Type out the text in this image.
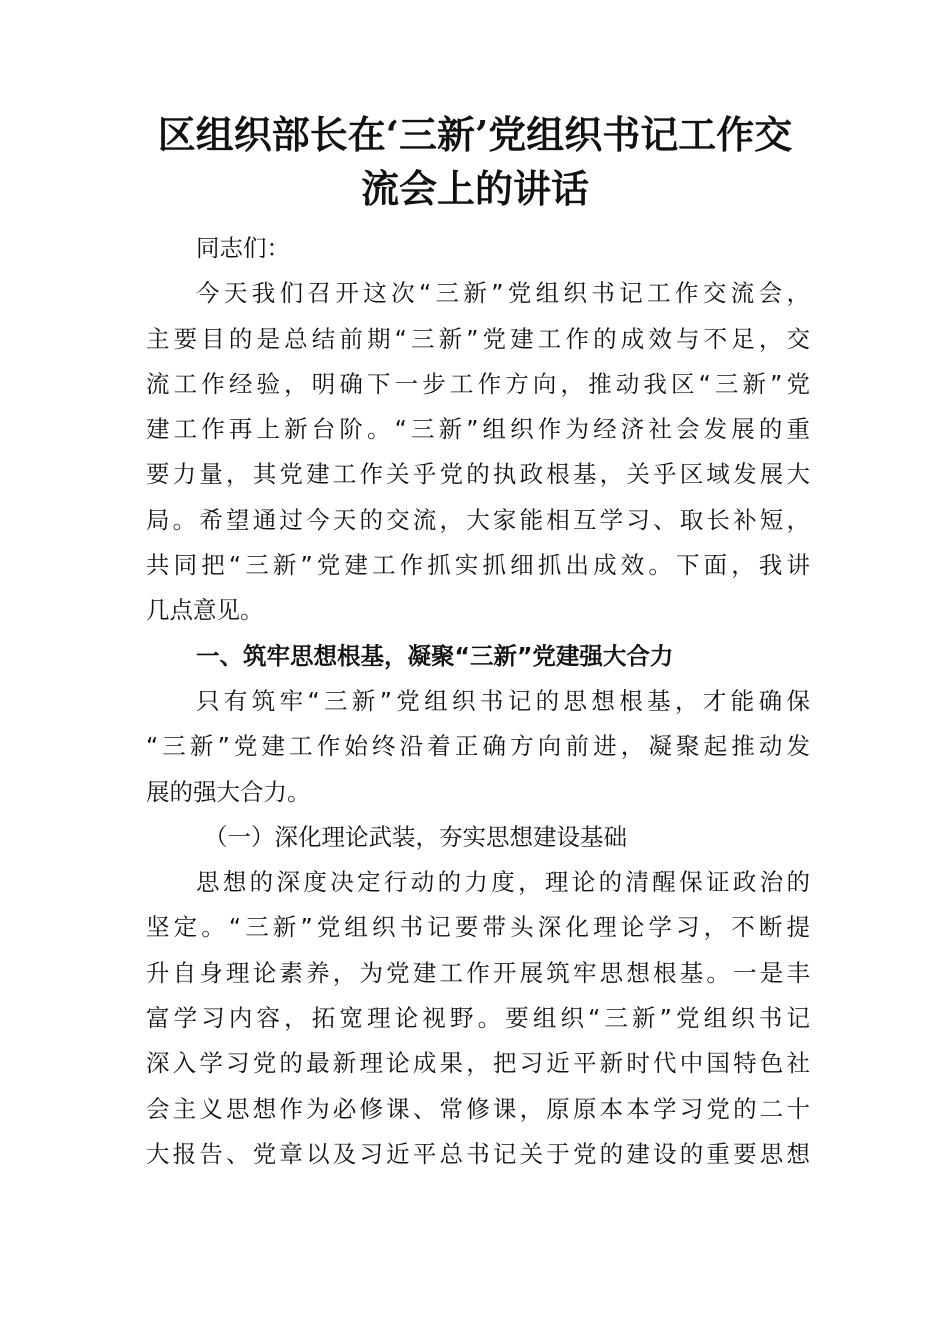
区组织部长在‘三新’党组织书记工作交
流会上的讲话
同志们：
今天我们召开这次“三新”党组织书记工作交流会，
主要目的是总结前期“三新”党建工作的成效与不足，交
流工作经验，明确下一步工作方向，推动我区“三新”党
建工作再上新台阶。“三新”组织作为经济社会发展的重
要力量，其党建工作关乎党的执政根基，关乎区域发展大
局。希望通过今天的交流，大家能相互学习、取长补短，
共同把“三新”党建工作抓实抓细抓出成效。下面，我讲
几点意见。
一、筑牢思想根基，凝聚“三新”党建强大合力
只有筑牢“三新”党组织书记的思想根基，才能确保
“三新”党建工作始终沿着正确方向前进，凝聚起推动发
展的强大合力。
（一）深化理论武装，夯实思想建设基础
思想的深度决定行动的力度，理论的清醒保证政治的
坚定。“三新”党组织书记要带头深化理论学习，不断提
升自身理论素养，为党建工作开展筑牢思想根基。一是丰
富学习内容，拓宽理论视野。要组织“三新”党组织书记
深入学习党的最新理论成果，把习近平新时代中国特色社
会主义思想作为必修课、常修课，原原本本学习党的二十
大报告、党章以及习近平总书记关于党的建设的重要思想
